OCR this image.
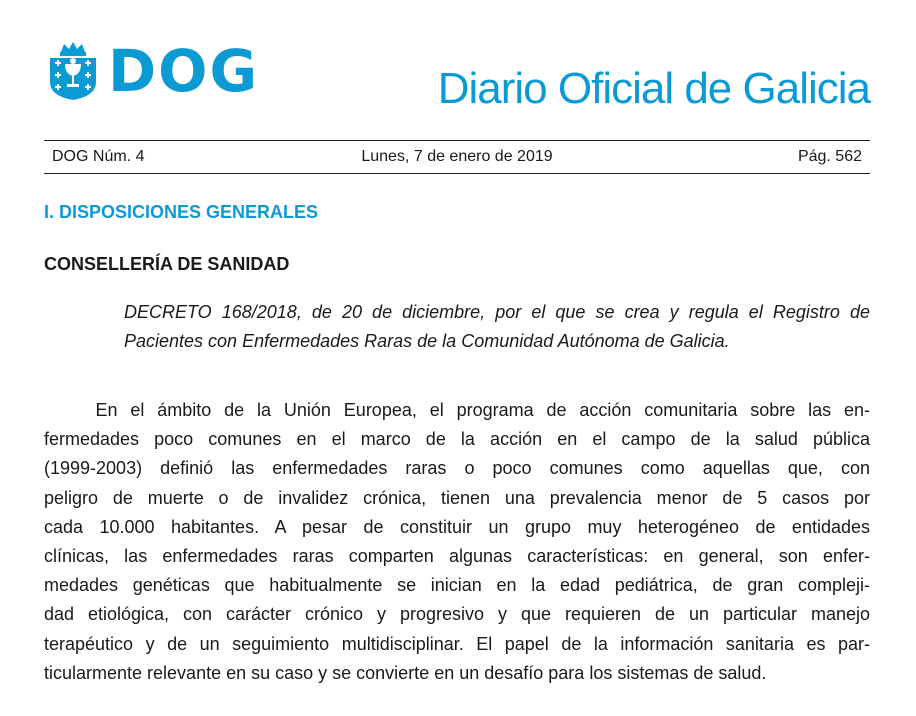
DOG	Diario Oficial de Galicia
DOG Núm. 4	Lunes, 7 de enero de 2019	Pág. 562
I. DISPOSICIONES GENERALES
CONSELLERÍA DE SANIDAD
DECRETO 168/2018, de 20 de diciembre, por el que se crea y regula el Registro de Pacientes con Enfermedades Raras de la Comunidad Autónoma de Galicia.

En el ámbito de la Unión Europea, el programa de acción comunitaria sobre las en-
fermedades poco comunes en el marco de la acción en el campo de la salud pública
(1999-2003) definió las enfermedades raras o poco comunes como aquellas que, con
peligro de muerte o de invalidez crónica, tienen una prevalencia menor de 5 casos por
cada 10.000 habitantes. A pesar de constituir un grupo muy heterogéneo de entidades
clínicas, las enfermedades raras comparten algunas características: en general, son enfer-
medades genéticas que habitualmente se inician en la edad pediátrica, de gran compleji-
dad etiológica, con carácter crónico y progresivo y que requieren de un particular manejo
terapéutico y de un seguimiento multidisciplinar. El papel de la información sanitaria es par-
ticularmente relevante en su caso y se convierte en un desafío para los sistemas de salud.
